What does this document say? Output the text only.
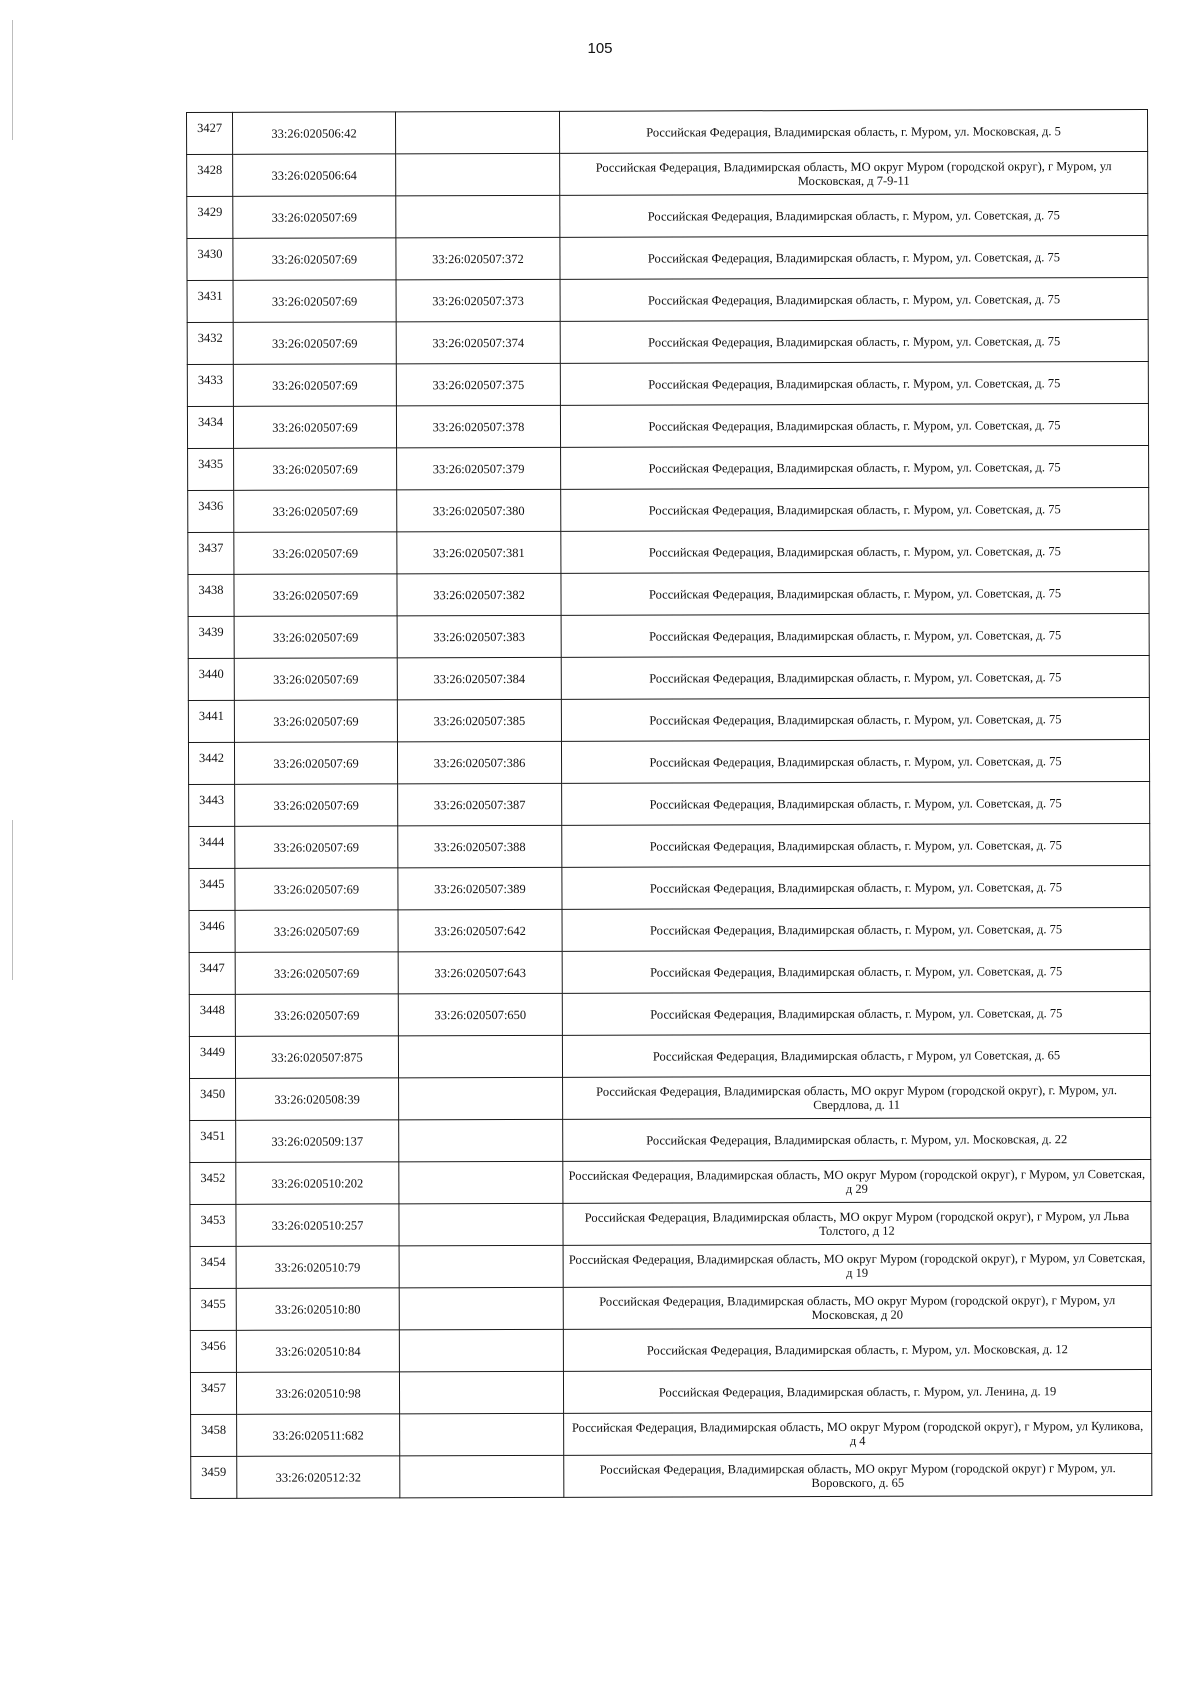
105
3427	33:26:020506:42		Российская Федерация, Владимирская область, г. Муром, ул. Московская, д. 5
3428	33:26:020506:64		Российская Федерация, Владимирская область, МО округ Муром (городской округ), г Муром, ул Московская, д 7-9-11
3429	33:26:020507:69		Российская Федерация, Владимирская область, г. Муром, ул. Советская, д. 75
3430	33:26:020507:69	33:26:020507:372	Российская Федерация, Владимирская область, г. Муром, ул. Советская, д. 75
3431	33:26:020507:69	33:26:020507:373	Российская Федерация, Владимирская область, г. Муром, ул. Советская, д. 75
3432	33:26:020507:69	33:26:020507:374	Российская Федерация, Владимирская область, г. Муром, ул. Советская, д. 75
3433	33:26:020507:69	33:26:020507:375	Российская Федерация, Владимирская область, г. Муром, ул. Советская, д. 75
3434	33:26:020507:69	33:26:020507:378	Российская Федерация, Владимирская область, г. Муром, ул. Советская, д. 75
3435	33:26:020507:69	33:26:020507:379	Российская Федерация, Владимирская область, г. Муром, ул. Советская, д. 75
3436	33:26:020507:69	33:26:020507:380	Российская Федерация, Владимирская область, г. Муром, ул. Советская, д. 75
3437	33:26:020507:69	33:26:020507:381	Российская Федерация, Владимирская область, г. Муром, ул. Советская, д. 75
3438	33:26:020507:69	33:26:020507:382	Российская Федерация, Владимирская область, г. Муром, ул. Советская, д. 75
3439	33:26:020507:69	33:26:020507:383	Российская Федерация, Владимирская область, г. Муром, ул. Советская, д. 75
3440	33:26:020507:69	33:26:020507:384	Российская Федерация, Владимирская область, г. Муром, ул. Советская, д. 75
3441	33:26:020507:69	33:26:020507:385	Российская Федерация, Владимирская область, г. Муром, ул. Советская, д. 75
3442	33:26:020507:69	33:26:020507:386	Российская Федерация, Владимирская область, г. Муром, ул. Советская, д. 75
3443	33:26:020507:69	33:26:020507:387	Российская Федерация, Владимирская область, г. Муром, ул. Советская, д. 75
3444	33:26:020507:69	33:26:020507:388	Российская Федерация, Владимирская область, г. Муром, ул. Советская, д. 75
3445	33:26:020507:69	33:26:020507:389	Российская Федерация, Владимирская область, г. Муром, ул. Советская, д. 75
3446	33:26:020507:69	33:26:020507:642	Российская Федерация, Владимирская область, г. Муром, ул. Советская, д. 75
3447	33:26:020507:69	33:26:020507:643	Российская Федерация, Владимирская область, г. Муром, ул. Советская, д. 75
3448	33:26:020507:69	33:26:020507:650	Российская Федерация, Владимирская область, г. Муром, ул. Советская, д. 75
3449	33:26:020507:875		Российская Федерация, Владимирская область, г Муром, ул Советская, д. 65
3450	33:26:020508:39		Российская Федерация, Владимирская область, МО округ Муром (городской округ), г. Муром, ул. Свердлова, д. 11
3451	33:26:020509:137		Российская Федерация, Владимирская область, г. Муром, ул. Московская, д. 22
3452	33:26:020510:202		Российская Федерация, Владимирская область, МО округ Муром (городской округ), г Муром, ул Советская, д 29
3453	33:26:020510:257		Российская Федерация, Владимирская область, МО округ Муром (городской округ), г Муром, ул Льва Толстого, д 12
3454	33:26:020510:79		Российская Федерация, Владимирская область, МО округ Муром (городской округ), г Муром, ул Советская, д 19
3455	33:26:020510:80		Российская Федерация, Владимирская область, МО округ Муром (городской округ), г Муром, ул Московская, д 20
3456	33:26:020510:84		Российская Федерация, Владимирская область, г. Муром, ул. Московская, д. 12
3457	33:26:020510:98		Российская Федерация, Владимирская область, г. Муром, ул. Ленина, д. 19
3458	33:26:020511:682		Российская Федерация, Владимирская область, МО округ Муром (городской округ), г Муром, ул Куликова, д 4
3459	33:26:020512:32		Российская Федерация, Владимирская область, МО округ Муром (городской округ) г Муром, ул. Воровского, д. 65
